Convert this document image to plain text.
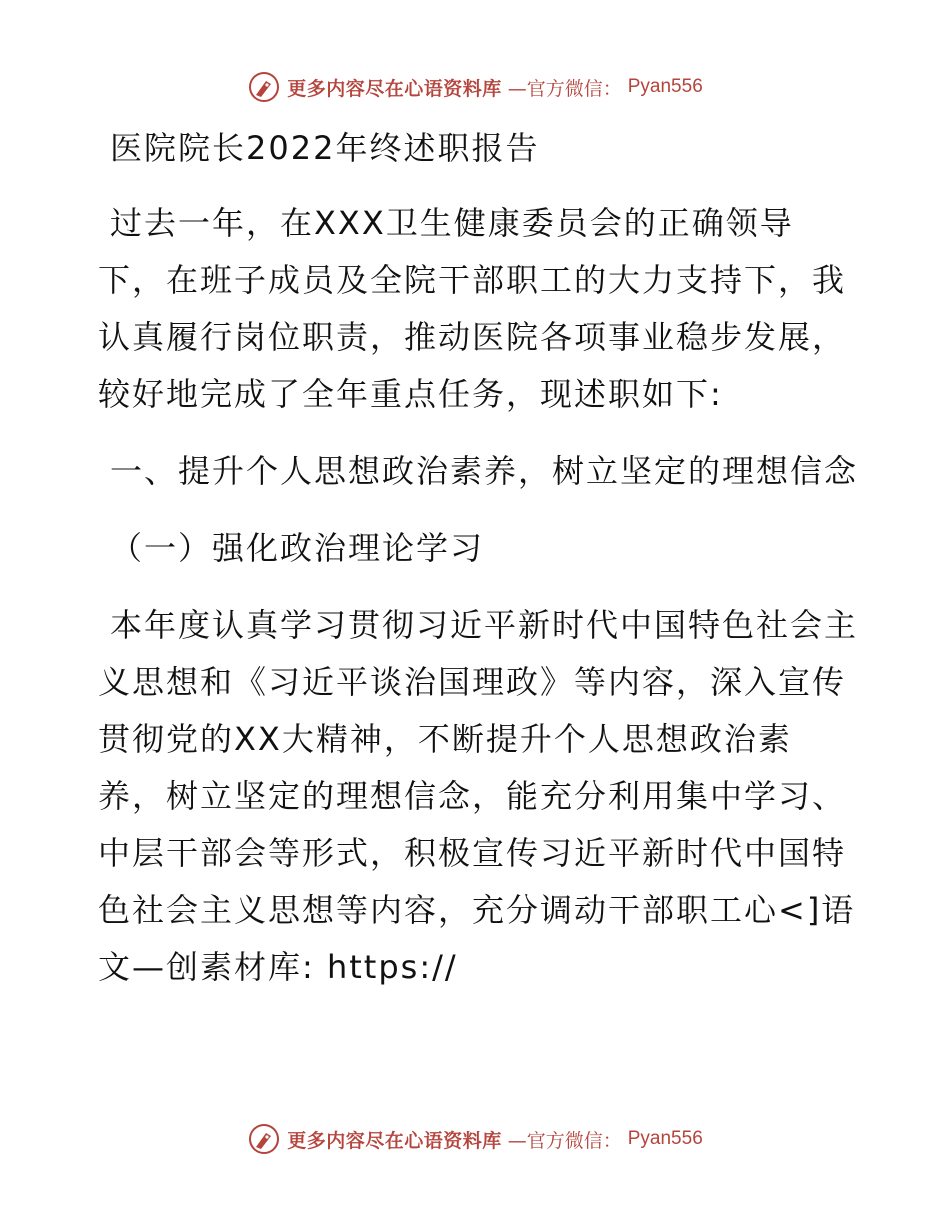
更多内容尽在心语资料库 —官方微信： Pyan556

医院院长2022年终述职报告

过去一年，在XXX卫生健康委员会的正确领导下，在班子成员及全院干部职工的大力支持下，我认真履行岗位职责，推动医院各项事业稳步发展，较好地完成了全年重点任务，现述职如下:

一、提升个人思想政治素养，树立坚定的理想信念

（一）强化政治理论学习

本年度认真学习贯彻习近平新时代中国特色社会主义思想和《习近平谈治国理政》等内容，深入宣传贯彻党的XX大精神，不断提升个人思想政治素养，树立坚定的理想信念，能充分利用集中学习、中层干部会等形式，积极宣传习近平新时代中国特色社会主义思想等内容，充分调动干部职工心<]语文—创素材库: https://

更多内容尽在心语资料库 —官方微信： Pyan556
